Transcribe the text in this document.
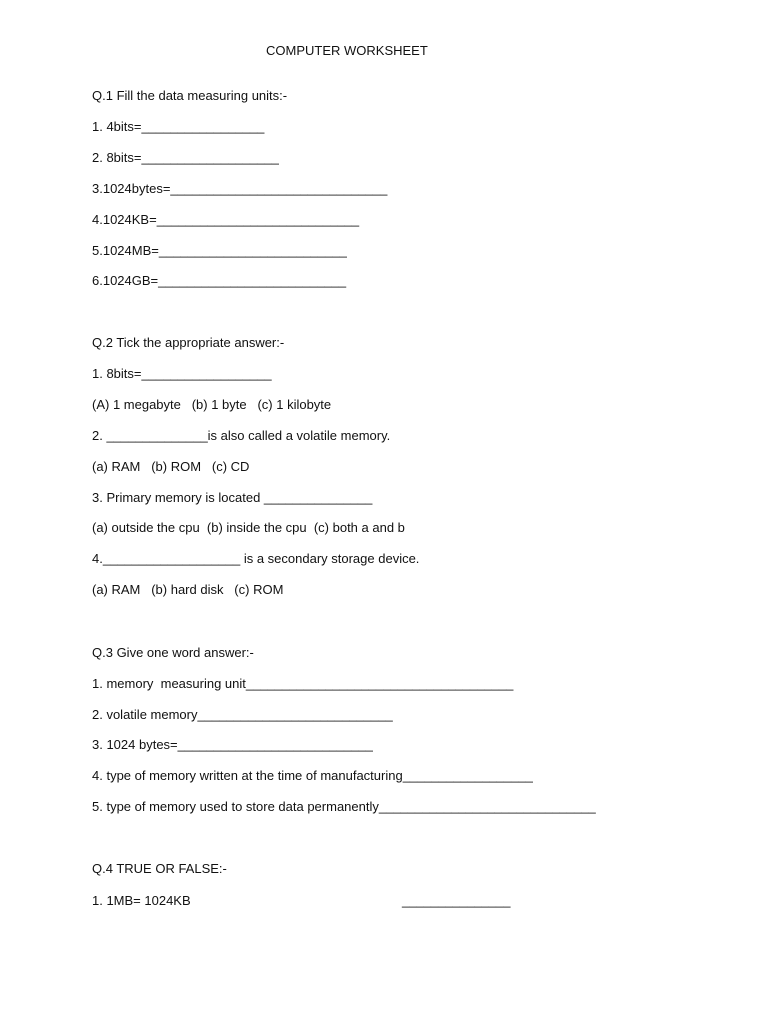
COMPUTER WORKSHEET
Q.1 Fill the data measuring units:-
1. 4bits=_________________
2. 8bits=___________________
3.1024bytes=______________________________
4.1024KB=____________________________
5.1024MB=__________________________
6.1024GB=__________________________
Q.2 Tick the appropriate answer:-
1. 8bits=__________________
(A) 1 megabyte   (b) 1 byte   (c) 1 kilobyte
2. ______________is also called a volatile memory.
(a) RAM   (b) ROM   (c) CD
3. Primary memory is located _______________
(a) outside the cpu  (b) inside the cpu  (c) both a and b
4.___________________ is a secondary storage device.
(a) RAM   (b) hard disk   (c) ROM
Q.3 Give one word answer:-
1. memory  measuring unit_____________________________________
2. volatile memory___________________________
3. 1024 bytes=___________________________
4. type of memory written at the time of manufacturing__________________
5. type of memory used to store data permanently______________________________
Q.4 TRUE OR FALSE:-
1. 1MB= 1024KB	_______________
